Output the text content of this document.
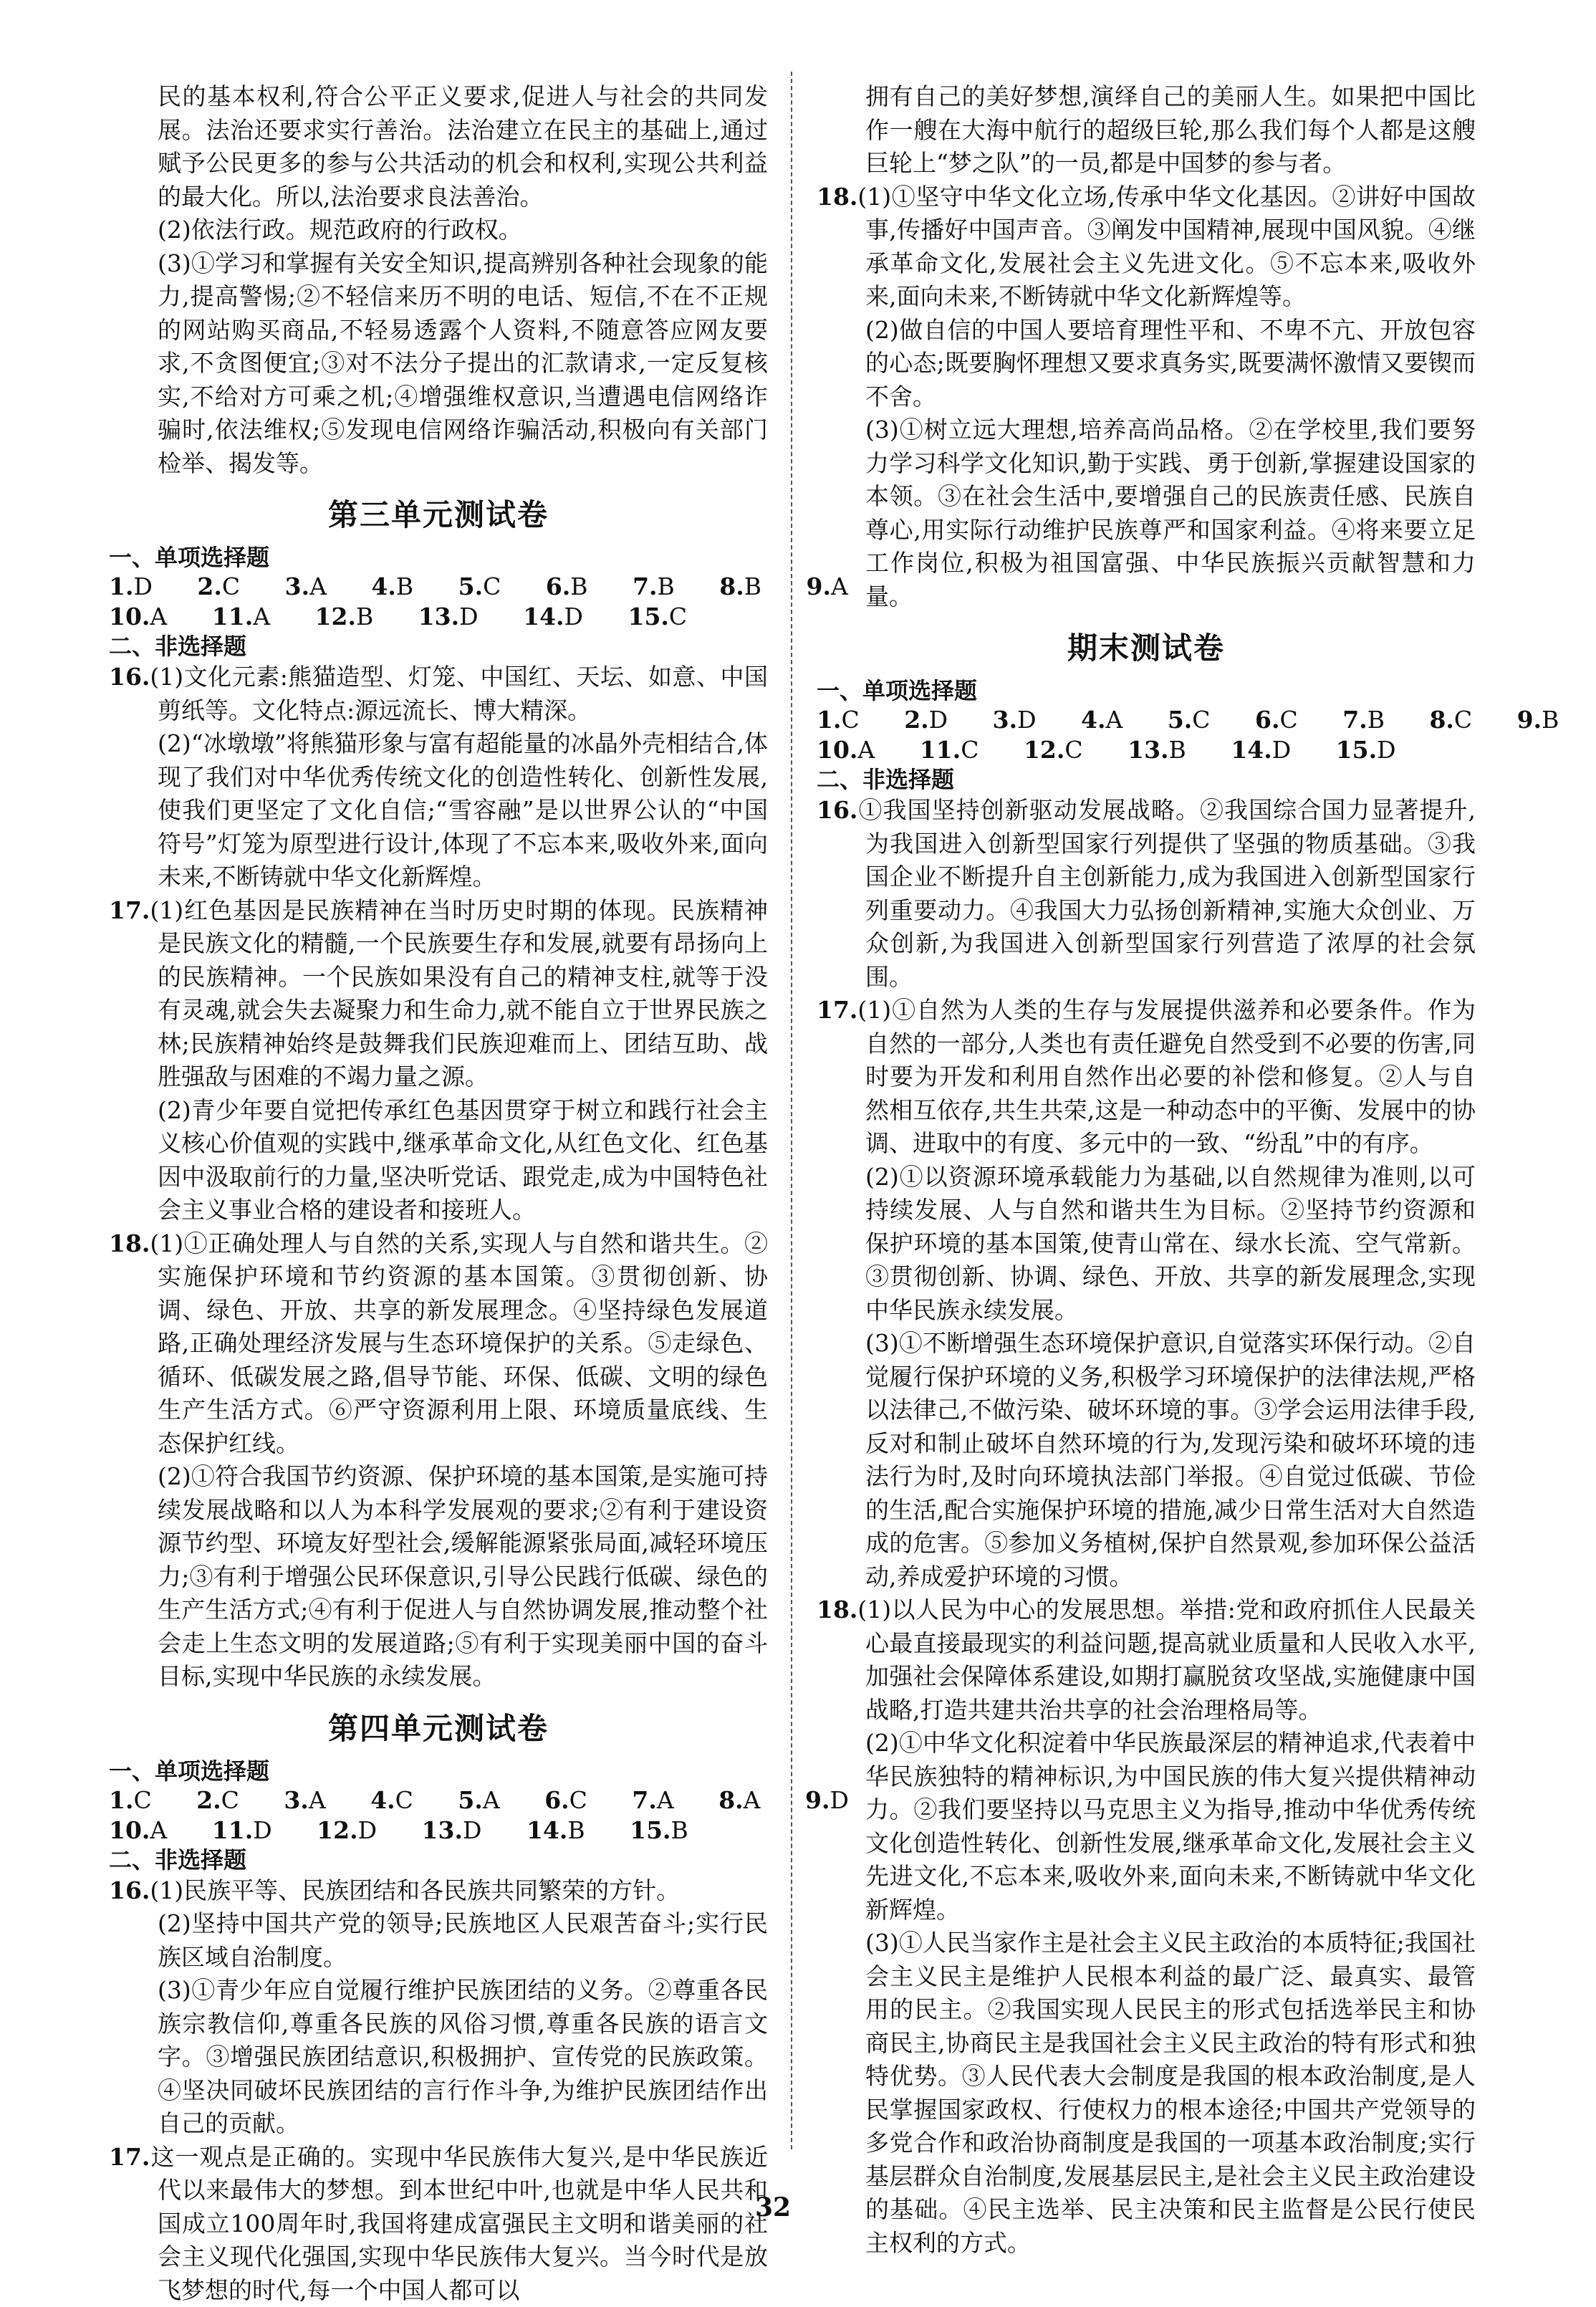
民的基本权利,符合公平正义要求,促进人与社会的共同发展。法治还要求实行善治。法治建立在民主的基础上,通过赋予公民更多的参与公共活动的机会和权利,实现公共利益的最大化。所以,法治要求良法善治。

(2)依法行政。规范政府的行政权。

(3)①学习和掌握有关安全知识,提高辨别各种社会现象的能力,提高警惕;②不轻信来历不明的电话、短信,不在不正规的网站购买商品,不轻易透露个人资料,不随意答应网友要求,不贪图便宜;③对不法分子提出的汇款请求,一定反复核实,不给对方可乘之机;④增强维权意识,当遭遇电信网络诈骗时,依法维权;⑤发现电信网络诈骗活动,积极向有关部门检举、揭发等。

第三单元测试卷

一、单项选择题

1.D 2.C 3.A 4.B 5.C 6.B 7.B 8.B 9.A

10.A 11.A 12.B 13.D 14.D 15.C

二、非选择题

16.(1)文化元素:熊猫造型、灯笼、中国红、天坛、如意、中国剪纸等。文化特点:源远流长、博大精深。

(2)“冰墩墩”将熊猫形象与富有超能量的冰晶外壳相结合,体现了我们对中华优秀传统文化的创造性转化、创新性发展,使我们更坚定了文化自信;“雪容融”是以世界公认的“中国符号”灯笼为原型进行设计,体现了不忘本来,吸收外来,面向未来,不断铸就中华文化新辉煌。

17.(1)红色基因是民族精神在当时历史时期的体现。民族精神是民族文化的精髓,一个民族要生存和发展,就要有昂扬向上的民族精神。一个民族如果没有自己的精神支柱,就等于没有灵魂,就会失去凝聚力和生命力,就不能自立于世界民族之林;民族精神始终是鼓舞我们民族迎难而上、团结互助、战胜强敌与困难的不竭力量之源。

(2)青少年要自觉把传承红色基因贯穿于树立和践行社会主义核心价值观的实践中,继承革命文化,从红色文化、红色基因中汲取前行的力量,坚决听党话、跟党走,成为中国特色社会主义事业合格的建设者和接班人。

18.(1)①正确处理人与自然的关系,实现人与自然和谐共生。②实施保护环境和节约资源的基本国策。③贯彻创新、协调、绿色、开放、共享的新发展理念。④坚持绿色发展道路,正确处理经济发展与生态环境保护的关系。⑤走绿色、循环、低碳发展之路,倡导节能、环保、低碳、文明的绿色生产生活方式。⑥严守资源利用上限、环境质量底线、生态保护红线。

(2)①符合我国节约资源、保护环境的基本国策,是实施可持续发展战略和以人为本科学发展观的要求;②有利于建设资源节约型、环境友好型社会,缓解能源紧张局面,减轻环境压力;③有利于增强公民环保意识,引导公民践行低碳、绿色的生产生活方式;④有利于促进人与自然协调发展,推动整个社会走上生态文明的发展道路;⑤有利于实现美丽中国的奋斗目标,实现中华民族的永续发展。

第四单元测试卷

一、单项选择题

1.C 2.C 3.A 4.C 5.A 6.C 7.A 8.A 9.D

10.A 11.D 12.D 13.D 14.B 15.B

二、非选择题

16.(1)民族平等、民族团结和各民族共同繁荣的方针。

(2)坚持中国共产党的领导;民族地区人民艰苦奋斗;实行民族区域自治制度。

(3)①青少年应自觉履行维护民族团结的义务。②尊重各民族宗教信仰,尊重各民族的风俗习惯,尊重各民族的语言文字。③增强民族团结意识,积极拥护、宣传党的民族政策。④坚决同破坏民族团结的言行作斗争,为维护民族团结作出自己的贡献。

17.这一观点是正确的。实现中华民族伟大复兴,是中华民族近代以来最伟大的梦想。到本世纪中叶,也就是中华人民共和国成立100周年时,我国将建成富强民主文明和谐美丽的社会主义现代化强国,实现中华民族伟大复兴。当今时代是放飞梦想的时代,每一个中国人都可以

拥有自己的美好梦想,演绎自己的美丽人生。如果把中国比作一艘在大海中航行的超级巨轮,那么我们每个人都是这艘巨轮上“梦之队”的一员,都是中国梦的参与者。

18.(1)①坚守中华文化立场,传承中华文化基因。②讲好中国故事,传播好中国声音。③阐发中国精神,展现中国风貌。④继承革命文化,发展社会主义先进文化。⑤不忘本来,吸收外来,面向未来,不断铸就中华文化新辉煌等。

(2)做自信的中国人要培育理性平和、不卑不亢、开放包容的心态;既要胸怀理想又要求真务实,既要满怀激情又要锲而不舍。

(3)①树立远大理想,培养高尚品格。②在学校里,我们要努力学习科学文化知识,勤于实践、勇于创新,掌握建设国家的本领。③在社会生活中,要增强自己的民族责任感、民族自尊心,用实际行动维护民族尊严和国家利益。④将来要立足工作岗位,积极为祖国富强、中华民族振兴贡献智慧和力量。

期末测试卷

一、单项选择题

1.C 2.D 3.D 4.A 5.C 6.C 7.B 8.C 9.B

10.A 11.C 12.C 13.B 14.D 15.D

二、非选择题

16.①我国坚持创新驱动发展战略。②我国综合国力显著提升,为我国进入创新型国家行列提供了坚强的物质基础。③我国企业不断提升自主创新能力,成为我国进入创新型国家行列重要动力。④我国大力弘扬创新精神,实施大众创业、万众创新,为我国进入创新型国家行列营造了浓厚的社会氛围。

17.(1)①自然为人类的生存与发展提供滋养和必要条件。作为自然的一部分,人类也有责任避免自然受到不必要的伤害,同时要为开发和利用自然作出必要的补偿和修复。②人与自然相互依存,共生共荣,这是一种动态中的平衡、发展中的协调、进取中的有度、多元中的一致、“纷乱”中的有序。

(2)①以资源环境承载能力为基础,以自然规律为准则,以可持续发展、人与自然和谐共生为目标。②坚持节约资源和保护环境的基本国策,使青山常在、绿水长流、空气常新。③贯彻创新、协调、绿色、开放、共享的新发展理念,实现中华民族永续发展。

(3)①不断增强生态环境保护意识,自觉落实环保行动。②自觉履行保护环境的义务,积极学习环境保护的法律法规,严格以法律己,不做污染、破坏环境的事。③学会运用法律手段,反对和制止破坏自然环境的行为,发现污染和破坏环境的违法行为时,及时向环境执法部门举报。④自觉过低碳、节俭的生活,配合实施保护环境的措施,减少日常生活对大自然造成的危害。⑤参加义务植树,保护自然景观,参加环保公益活动,养成爱护环境的习惯。

18.(1)以人民为中心的发展思想。举措:党和政府抓住人民最关心最直接最现实的利益问题,提高就业质量和人民收入水平,加强社会保障体系建设,如期打赢脱贫攻坚战,实施健康中国战略,打造共建共治共享的社会治理格局等。

(2)①中华文化积淀着中华民族最深层的精神追求,代表着中华民族独特的精神标识,为中国民族的伟大复兴提供精神动力。②我们要坚持以马克思主义为指导,推动中华优秀传统文化创造性转化、创新性发展,继承革命文化,发展社会主义先进文化,不忘本来,吸收外来,面向未来,不断铸就中华文化新辉煌。

(3)①人民当家作主是社会主义民主政治的本质特征;我国社会主义民主是维护人民根本利益的最广泛、最真实、最管用的民主。②我国实现人民民主的形式包括选举民主和协商民主,协商民主是我国社会主义民主政治的特有形式和独特优势。③人民代表大会制度是我国的根本政治制度,是人民掌握国家政权、行使权力的根本途径;中国共产党领导的多党合作和政治协商制度是我国的一项基本政治制度;实行基层群众自治制度,发展基层民主,是社会主义民主政治建设的基础。④民主选举、民主决策和民主监督是公民行使民主权利的方式。

32
